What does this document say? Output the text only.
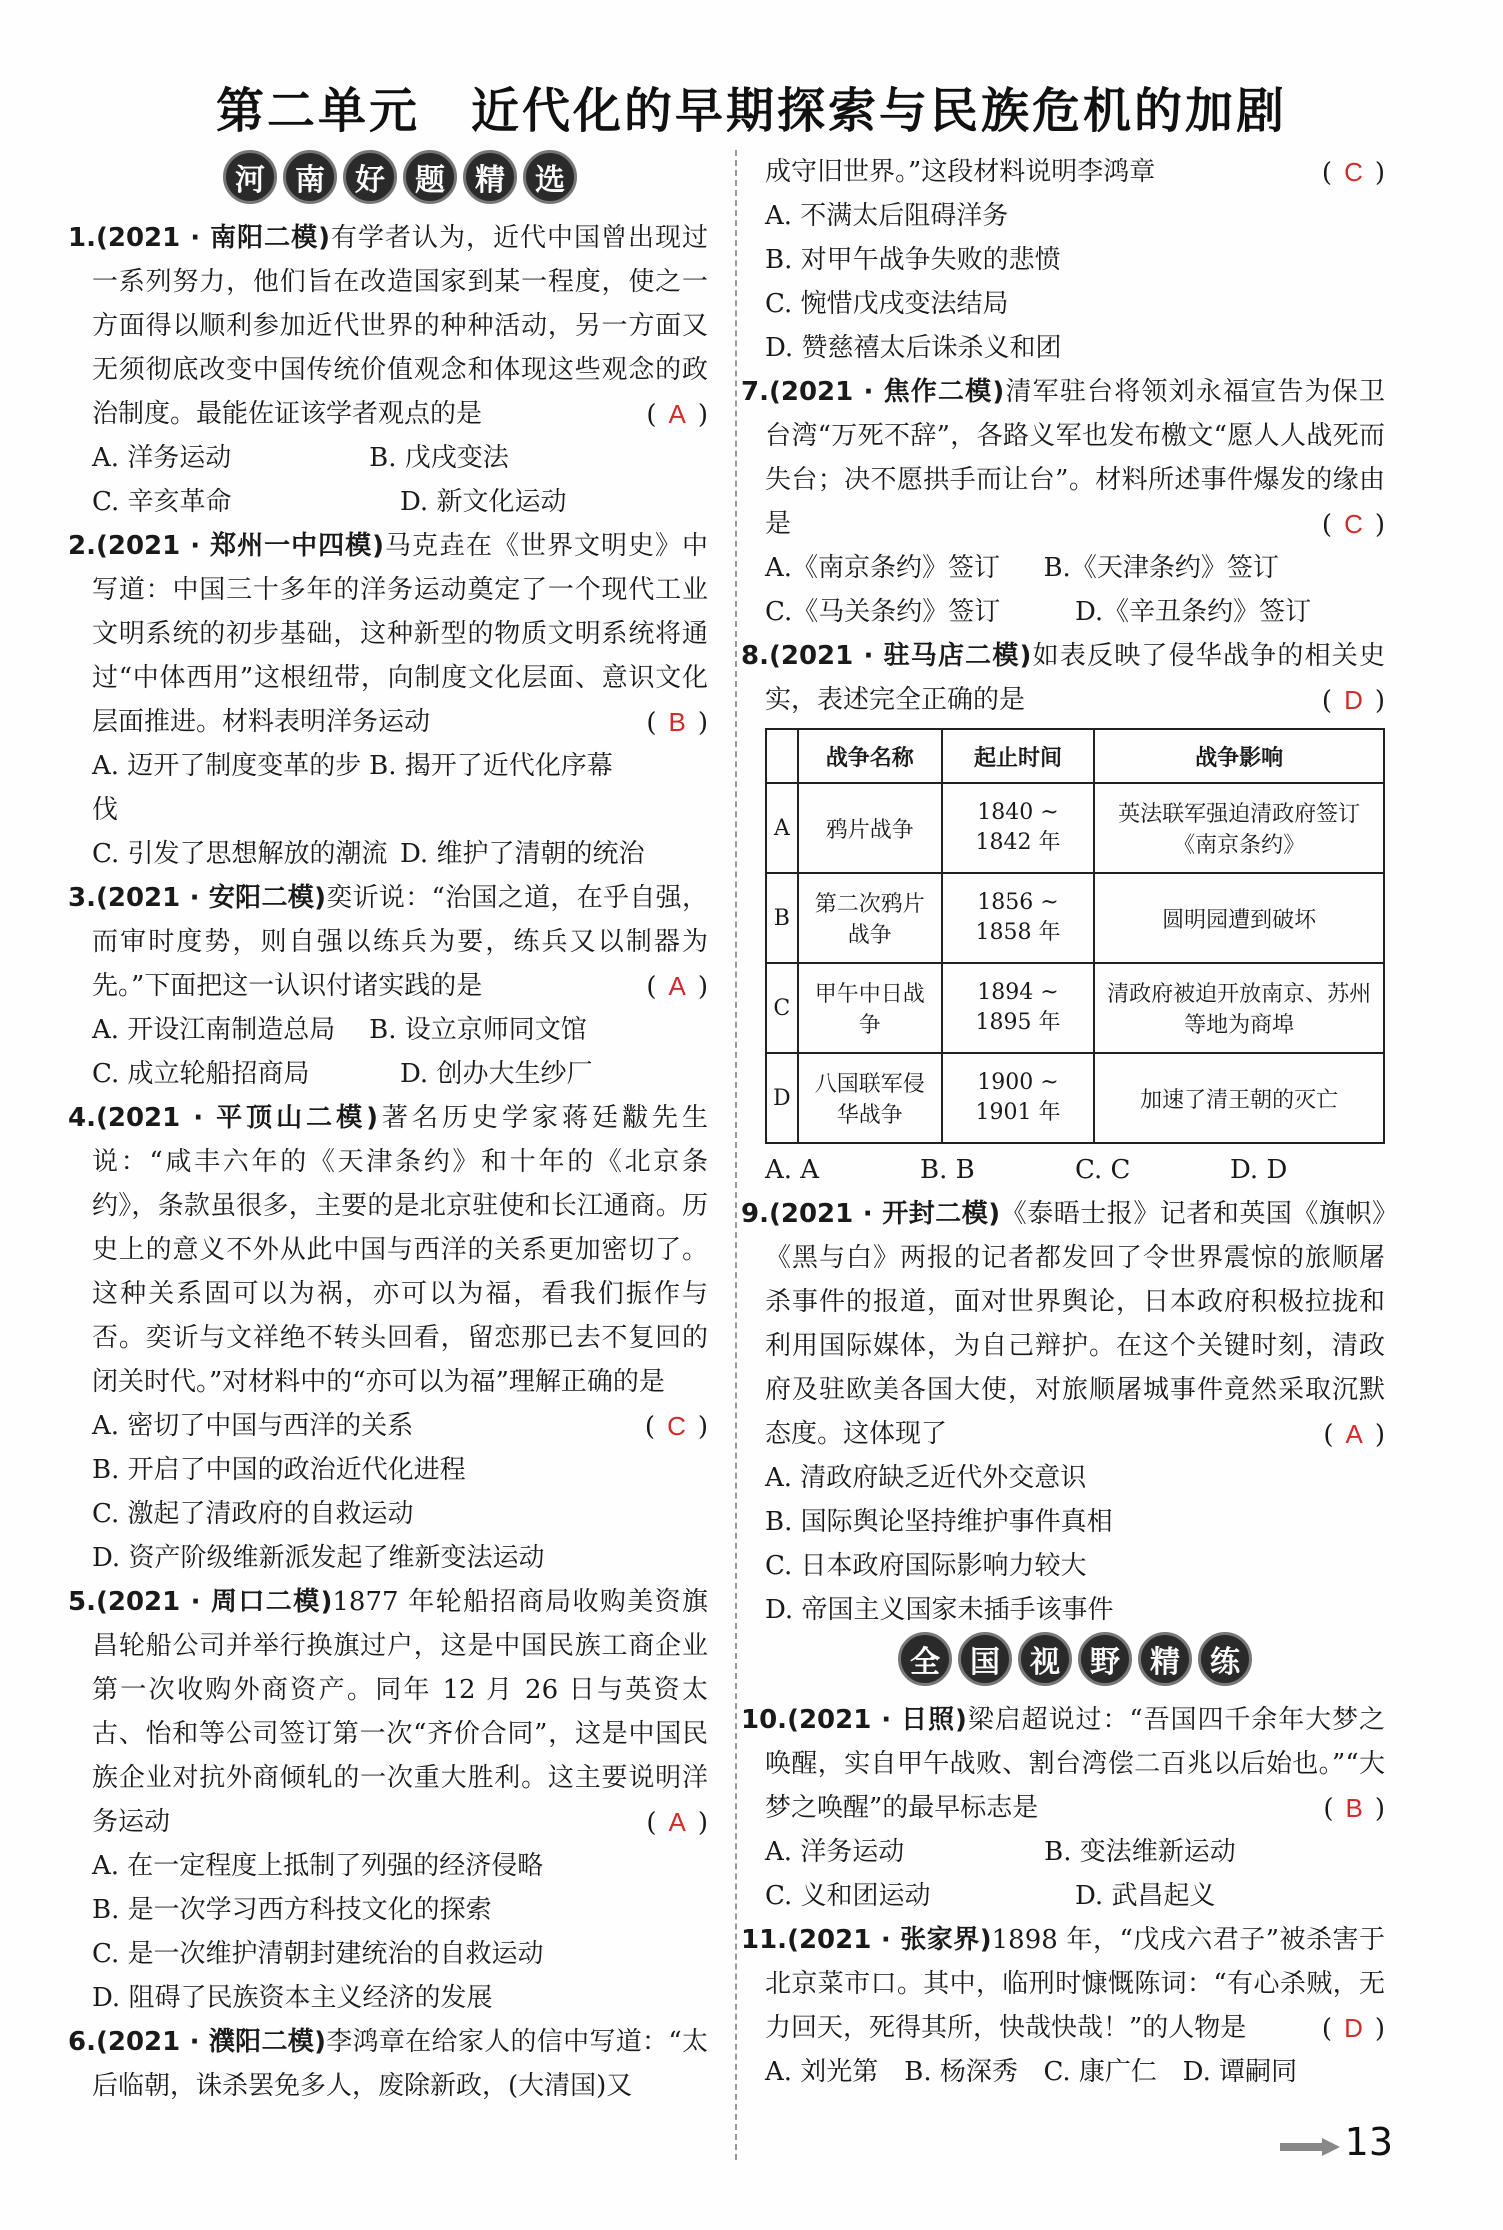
第二单元　近代化的早期探索与民族危机的加剧
河	南	好	题	精	选
1.(2021 · 南阳二模)有学者认为，近代中国曾出现过一系列努力，他们旨在改造国家到某一程度，使之一方面得以顺利参加近代世界的种种活动，另一方面又无须彻底改变中国传统价值观念和体现这些观念的政治制度。最能佐证该学者观点的是	( A )
A. 洋务运动	B. 戊戌变法
C. 辛亥革命	D. 新文化运动
2.(2021 · 郑州一中四模)马克垚在《世界文明史》中写道：中国三十多年的洋务运动奠定了一个现代工业文明系统的初步基础，这种新型的物质文明系统将通过“中体西用”这根纽带，向制度文化层面、意识文化层面推进。材料表明洋务运动	( B )
A. 迈开了制度变革的步伐
B. 揭开了近代化序幕
C. 引发了思想解放的潮流 D. 维护了清朝的统治
3.(2021 · 安阳二模)奕䜣说：“治国之道，在乎自强，而审时度势，则自强以练兵为要，练兵又以制器为先。”下面把这一认识付诸实践的是	( A )
A. 开设江南制造总局	B. 设立京师同文馆
C. 成立轮船招商局	D. 创办大生纱厂
4.(2021 · 平顶山二模)著名历史学家蒋廷黻先生说：“咸丰六年的《天津条约》和十年的《北京条约》，条款虽很多，主要的是北京驻使和长江通商。历史上的意义不外从此中国与西洋的关系更加密切了。这种关系固可以为祸，亦可以为福，看我们振作与否。奕䜣与文祥绝不转头回看，留恋那已去不复回的闭关时代。”对材料中的“亦可以为福”理解正确的是
( C )
A. 密切了中国与西洋的关系
B. 开启了中国的政治近代化进程
C. 激起了清政府的自救运动
D. 资产阶级维新派发起了维新变法运动
5.(2021 · 周口二模)1877 年轮船招商局收购美资旗昌轮船公司并举行换旗过户，这是中国民族工商企业第一次收购外商资产。同年 12 月 26 日与英资太古、怡和等公司签订第一次“齐价合同”，这是中国民族企业对抗外商倾轧的一次重大胜利。这主要说明洋务运动	( A )
A. 在一定程度上抵制了列强的经济侵略
B. 是一次学习西方科技文化的探索
C. 是一次维护清朝封建统治的自救运动
D. 阻碍了民族资本主义经济的发展
6.(2021 · 濮阳二模)李鸿章在给家人的信中写道：“太后临朝，诛杀罢免多人，废除新政，(大清国)又
成守旧世界。”这段材料说明李鸿章	( C )
A. 不满太后阻碍洋务
B. 对甲午战争失败的悲愤
C. 惋惜戊戌变法结局
D. 赞慈禧太后诛杀义和团
7.(2021 · 焦作二模)清军驻台将领刘永福宣告为保卫台湾“万死不辞”，各路义军也发布檄文“愿人人战死而失台；决不愿拱手而让台”。材料所述事件爆发的缘由是	( C )
A.《南京条约》签订	B.《天津条约》签订
C.《马关条约》签订	D.《辛丑条约》签订
8.(2021 · 驻马店二模)如表反映了侵华战争的相关史实，表述完全正确的是	( D )
	战争名称	起止时间	战争影响
A	鸦片战争	1840 ~ 1842 年	英法联军强迫清政府签订《南京条约》
B	第二次鸦片战争	1856 ~ 1858 年	圆明园遭到破坏
C	甲午中日战争	1894 ~ 1895 年	清政府被迫开放南京、苏州等地为商埠
D	八国联军侵华战争	1900 ~ 1901 年	加速了清王朝的灭亡
A. A	B. B	C. C	D. D
9.(2021 · 开封二模)《泰晤士报》记者和英国《旗帜》《黑与白》两报的记者都发回了令世界震惊的旅顺屠杀事件的报道，面对世界舆论，日本政府积极拉拢和利用国际媒体，为自己辩护。在这个关键时刻，清政府及驻欧美各国大使，对旅顺屠城事件竟然采取沉默态度。这体现了	( A )
A. 清政府缺乏近代外交意识
B. 国际舆论坚持维护事件真相
C. 日本政府国际影响力较大
D. 帝国主义国家未插手该事件
全	国	视	野	精	练
10.(2021 · 日照)梁启超说过：“吾国四千余年大梦之唤醒，实自甲午战败、割台湾偿二百兆以后始也。”“大梦之唤醒”的最早标志是	( B )
A. 洋务运动	B. 变法维新运动
C. 义和团运动	D. 武昌起义
11.(2021 · 张家界)1898 年，“戊戌六君子”被杀害于北京菜市口。其中，临刑时慷慨陈词：“有心杀贼，无力回天，死得其所，快哉快哉！”的人物是	( D )
A. 刘光第 B. 杨深秀 C. 康广仁 D. 谭嗣同
13
